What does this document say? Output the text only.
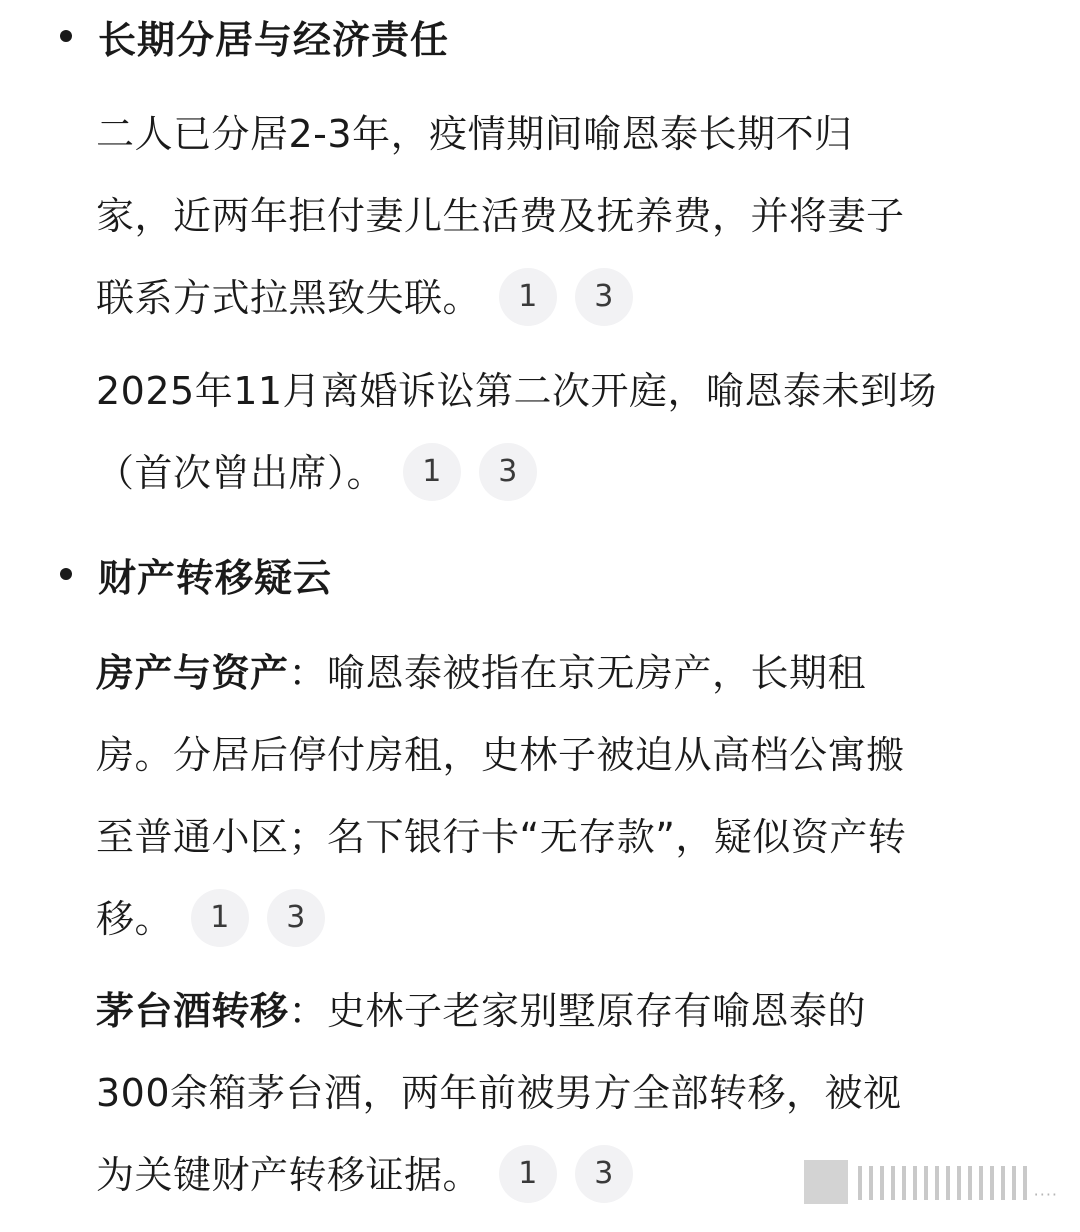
长期分居与经济责任
二人已分居2-3年，疫情期间喻恩泰长期不归
家，近两年拒付妻儿生活费及抚养费，并将妻子
联系方式拉黑致失联。	1	3
2025年11月离婚诉讼第二次开庭，喻恩泰未到场
（首次曾出席）。	1	3
财产转移疑云
房产与资产：喻恩泰被指在京无房产，长期租
房。分居后停付房租，史林子被迫从高档公寓搬
至普通小区；名下银行卡“无存款”，疑似资产转
移。	1	3
茅台酒转移：史林子老家别墅原存有喻恩泰的
300余箱茅台酒，两年前被男方全部转移，被视
为关键财产转移证据。	1	3
····
